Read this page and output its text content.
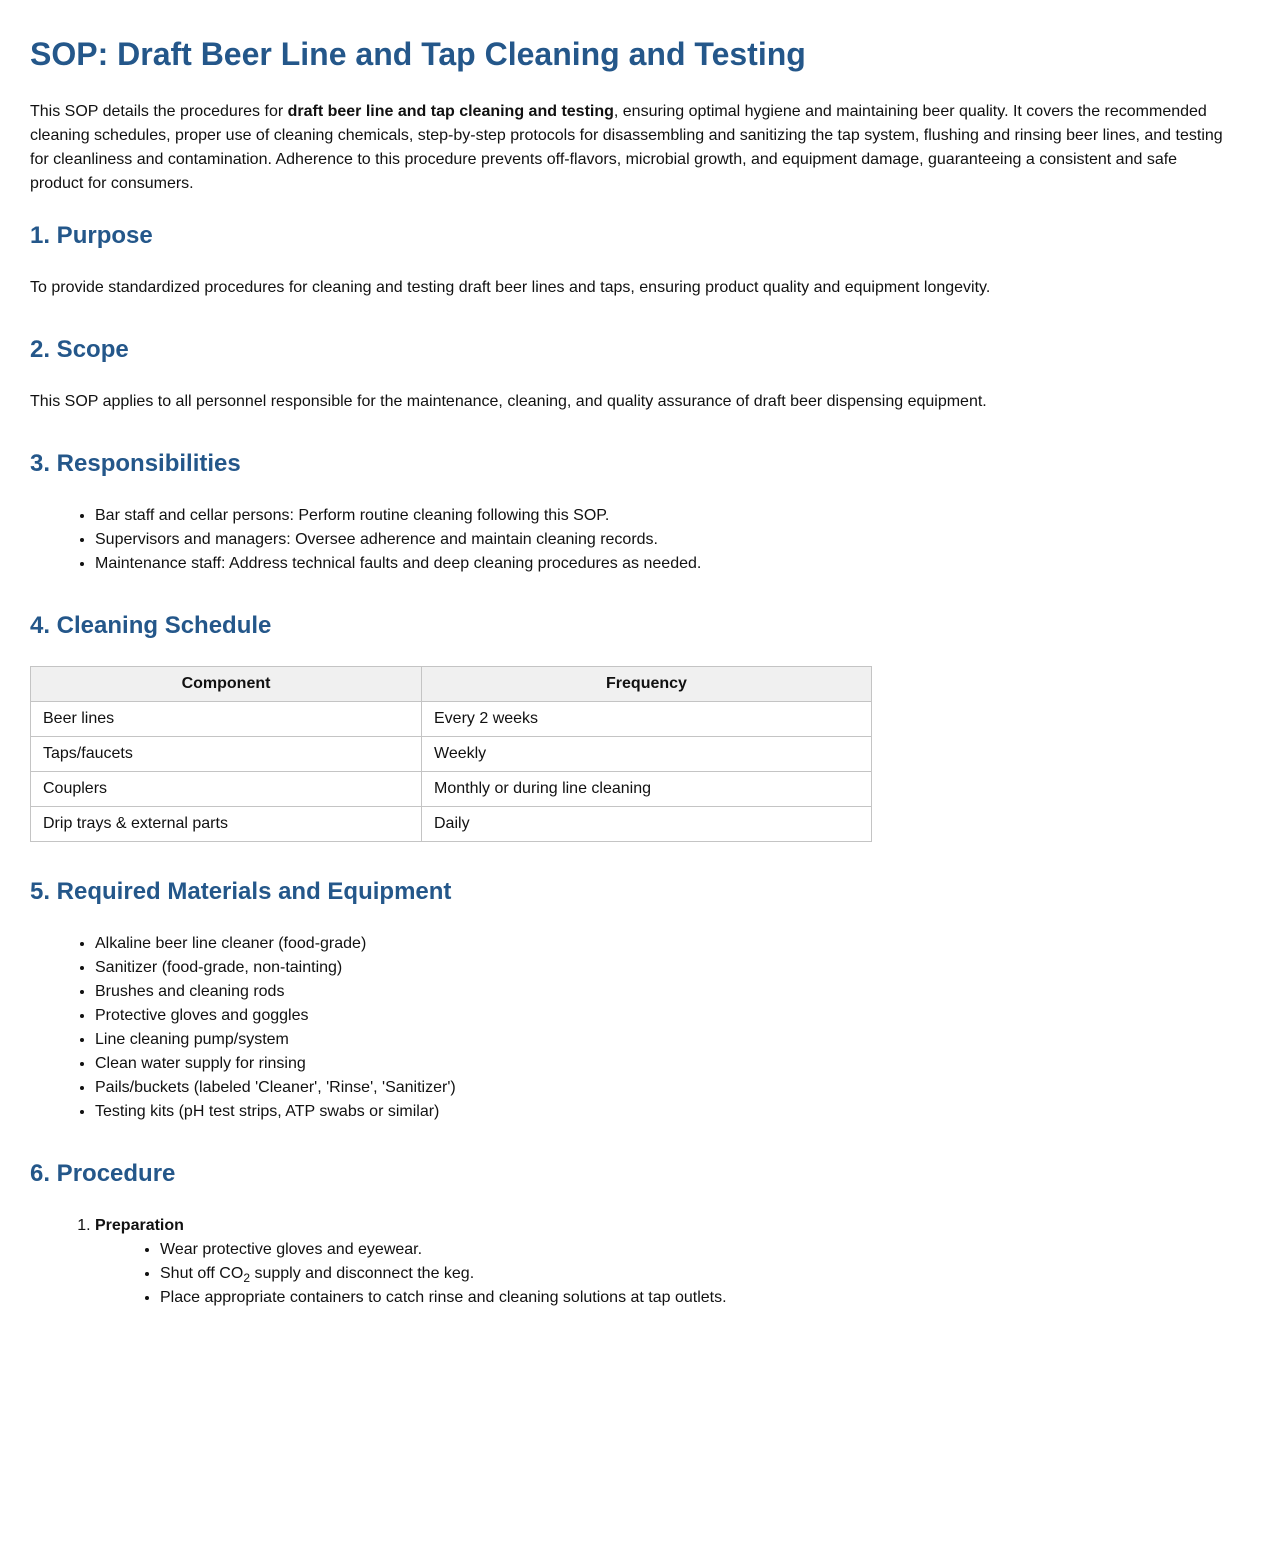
SOP: Draft Beer Line and Tap Cleaning and Testing

This SOP details the procedures for draft beer line and tap cleaning and testing, ensuring optimal hygiene and maintaining beer quality. It covers the recommended cleaning schedules, proper use of cleaning chemicals, step-by-step protocols for disassembling and sanitizing the tap system, flushing and rinsing beer lines, and testing for cleanliness and contamination. Adherence to this procedure prevents off-flavors, microbial growth, and equipment damage, guaranteeing a consistent and safe product for consumers.

1. Purpose

To provide standardized procedures for cleaning and testing draft beer lines and taps, ensuring product quality and equipment longevity.

2. Scope

This SOP applies to all personnel responsible for the maintenance, cleaning, and quality assurance of draft beer dispensing equipment.

3. Responsibilities
• Bar staff and cellar persons: Perform routine cleaning following this SOP.
• Supervisors and managers: Oversee adherence and maintain cleaning records.
• Maintenance staff: Address technical faults and deep cleaning procedures as needed.
4. Cleaning Schedule
Component	Frequency
Beer lines	Every 2 weeks
Taps/faucets	Weekly
Couplers	Monthly or during line cleaning
Drip trays & external parts	Daily
5. Required Materials and Equipment
• Alkaline beer line cleaner (food-grade)
• Sanitizer (food-grade, non-tainting)
• Brushes and cleaning rods
• Protective gloves and goggles
• Line cleaning pump/system
• Clean water supply for rinsing
• Pails/buckets (labeled 'Cleaner', 'Rinse', 'Sanitizer')
• Testing kits (pH test strips, ATP swabs or similar)
6. Procedure
1. Preparation
• Wear protective gloves and eyewear.
• Shut off $CO_2$ supply and disconnect the keg.
• Place appropriate containers to catch rinse and cleaning solutions at tap outlets.
